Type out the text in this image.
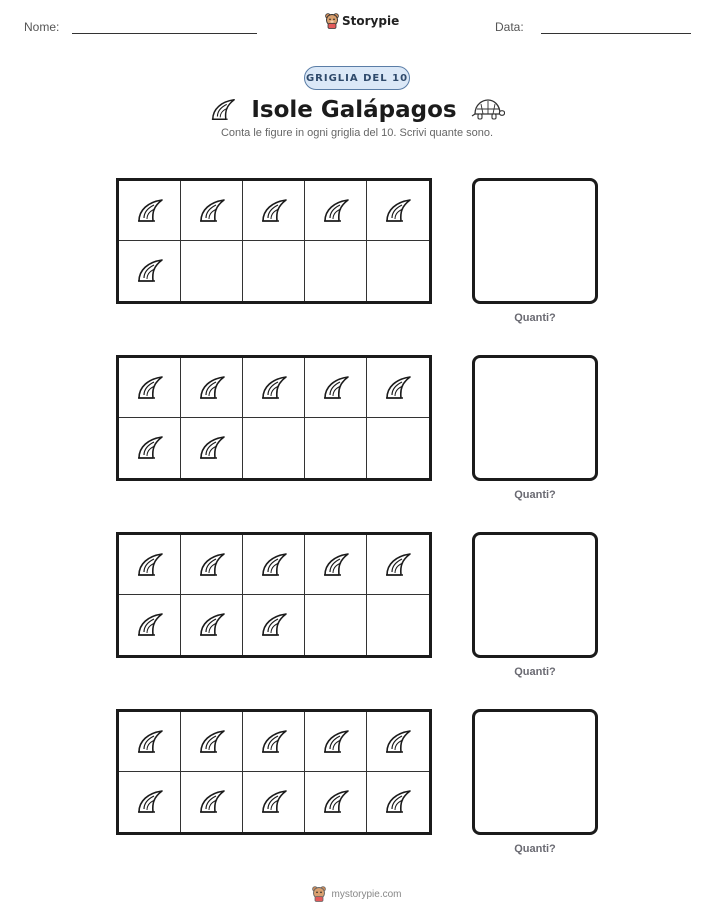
Nome:	Storypie	Data:
GRIGLIA DEL 10
Isole Galápagos
Conta le figure in ogni griglia del 10. Scrivi quante sono.
Quanti?
Quanti?
Quanti?
Quanti?
mystorypie.com
